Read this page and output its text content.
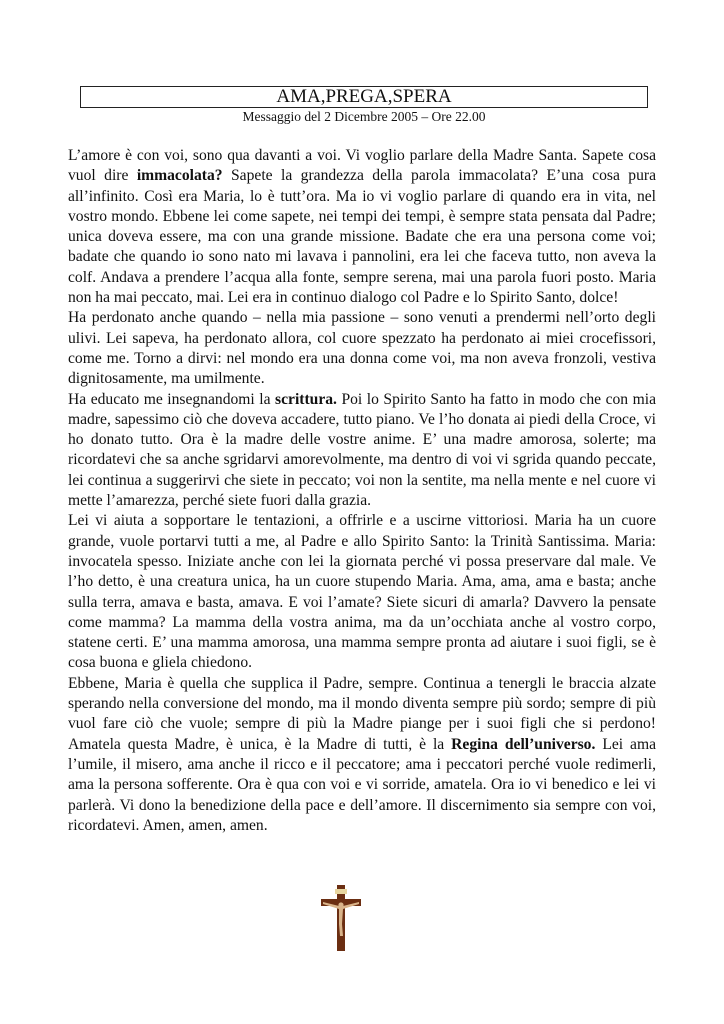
AMA,PREGA,SPERA
Messaggio del 2 Dicembre 2005 – Ore 22.00

L’amore è con voi, sono qua davanti a voi. Vi voglio parlare della Madre Santa. Sapete cosa vuol dire immacolata? Sapete la grandezza della parola immacolata? E’una cosa pura all’infinito. Così era Maria, lo è tutt’ora. Ma io vi voglio parlare di quando era in vita, nel vostro mondo. Ebbene lei come sapete, nei tempi dei tempi, è sempre stata pensata dal Padre; unica doveva essere, ma con una grande missione. Badate che era una persona come voi; badate che quando io sono nato mi lavava i pannolini, era lei che faceva tutto, non aveva la colf. Andava a prendere l’acqua alla fonte, sempre serena, mai una parola fuori posto. Maria non ha mai peccato, mai. Lei era in continuo dialogo col Padre e lo Spirito Santo, dolce!

Ha perdonato anche quando – nella mia passione – sono venuti a prendermi nell’orto degli ulivi. Lei sapeva, ha perdonato allora, col cuore spezzato ha perdonato ai miei crocefissori, come me. Torno a dirvi: nel mondo era una donna come voi, ma non aveva fronzoli, vestiva dignitosamente, ma umilmente.

Ha educato me insegnandomi la scrittura. Poi lo Spirito Santo ha fatto in modo che con mia madre, sapessimo ciò che doveva accadere, tutto piano. Ve l’ho donata ai piedi della Croce, vi ho donato tutto. Ora è la madre delle vostre anime. E’ una madre amorosa, solerte; ma ricordatevi che sa anche sgridarvi amorevolmente, ma dentro di voi vi sgrida quando peccate, lei continua a suggerirvi che siete in peccato; voi non la sentite, ma nella mente e nel cuore vi mette l’amarezza, perché siete fuori dalla grazia.

Lei vi aiuta a sopportare le tentazioni, a offrirle e a uscirne vittoriosi. Maria ha un cuore grande, vuole portarvi tutti a me, al Padre e allo Spirito Santo: la Trinità Santissima. Maria: invocatela spesso. Iniziate anche con lei la giornata perché vi possa preservare dal male. Ve l’ho detto, è una creatura unica, ha un cuore stupendo Maria. Ama, ama, ama e basta; anche sulla terra, amava e basta, amava. E voi l’amate? Siete sicuri di amarla? Davvero la pensate come mamma? La mamma della vostra anima, ma da un’occhiata anche al vostro corpo, statene certi. E’ una mamma amorosa, una mamma sempre pronta ad aiutare i suoi figli, se è cosa buona e gliela chiedono.

Ebbene, Maria è quella che supplica il Padre, sempre. Continua a tenergli le braccia alzate sperando nella conversione del mondo, ma il mondo diventa sempre più sordo; sempre di più vuol fare ciò che vuole; sempre di più la Madre piange per i suoi figli che si perdono! Amatela questa Madre, è unica, è la Madre di tutti, è la Regina dell’universo. Lei ama l’umile, il misero, ama anche il ricco e il peccatore; ama i peccatori perché vuole redimerli, ama la persona sofferente. Ora è qua con voi e vi sorride, amatela. Ora io vi benedico e lei vi parlerà. Vi dono la benedizione della pace e dell’amore. Il discernimento sia sempre con voi, ricordatevi. Amen, amen, amen.
